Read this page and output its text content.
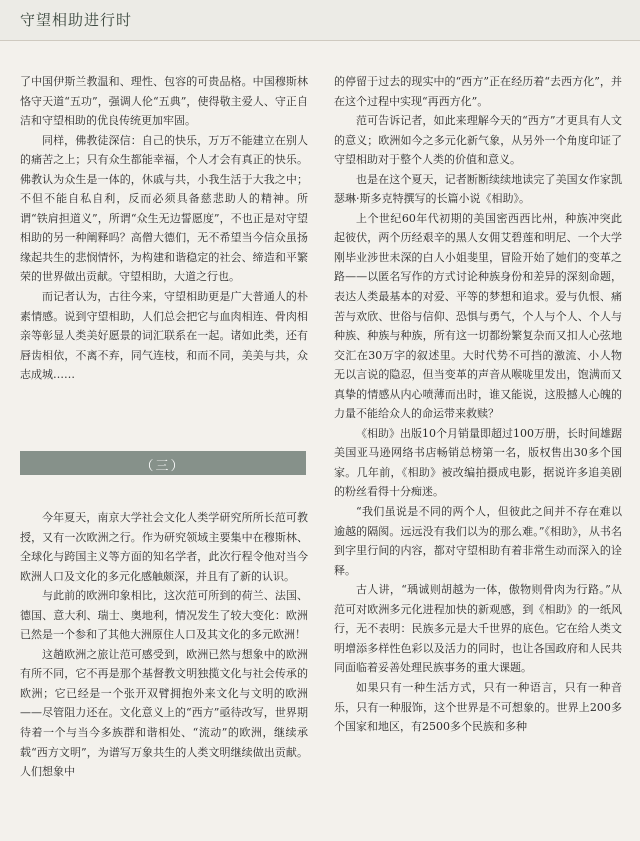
守望相助进行时

了中国伊斯兰教温和、理性、包容的可贵品格。中国穆斯林恪守天道“五功”，强调人伦“五典”，使得敬主爱人、守正自洁和守望相助的优良传统更加牢固。

同样，佛教徒深信：自己的快乐，万万不能建立在别人的痛苦之上；只有众生都能幸福，个人才会有真正的快乐。佛教认为众生是一体的，休戚与共，小我生活于大我之中；不但不能自私自利，反而必须具备慈悲助人的精神。所谓“铁肩担道义”，所谓“众生无边誓愿度”，不也正是对守望相助的另一种阐释吗？高僧大德们，无不希望当今信众虽扬缘起共生的悲悯情怀，为构建和谐稳定的社会、缔造和平繁荣的世界做出贡献。守望相助，大道之行也。

而记者认为，古往今来，守望相助更是广大普通人的朴素情感。说到守望相助，人们总会把它与血肉相连、骨肉相亲等彰显人类美好愿景的词汇联系在一起。诸如此类，还有唇齿相依，不离不弃，同气连枝，和而不同，美美与共，众志成城……

（三）

今年夏天，南京大学社会文化人类学研究所所长范可教授，又有一次欧洲之行。作为研究领域主要集中在穆斯林、全球化与跨国主义等方面的知名学者，此次行程令他对当今欧洲人口及文化的多元化感触颇深，并且有了新的认识。

与此前的欧洲印象相比，这次范可所到的荷兰、法国、德国、意大利、瑞士、奥地利，情况发生了较大变化：欧洲已然是一个参和了其他大洲原住人口及其文化的多元欧洲！

这趟欧洲之旅让范可感受到，欧洲已然与想象中的欧洲有所不同，它不再是那个基督教文明独揽文化与社会传承的欧洲；它已经是一个张开双臂拥抱外来文化与文明的欧洲——尽管阻力还在。文化意义上的“西方”亟待改写，世界期待着一个与当今多族群和谐相处、“流动”的欧洲，继续承载“西方文明”，为谱写万象共生的人类文明继续做出贡献。人们想象中

的停留于过去的现实中的“西方”正在经历着“去西方化”，并在这个过程中实现“再西方化”。

范可告诉记者，如此来理解今天的“西方”才更具有人文的意义；欧洲如今之多元化新气象，从另外一个角度印证了守望相助对于整个人类的价值和意义。

也是在这个夏天，记者断断续续地读完了美国女作家凯瑟琳·斯多克特撰写的长篇小说《相助》。

上个世纪60年代初期的美国密西西比州，种族冲突此起彼伏，两个历经艰辛的黑人女佣艾碧莲和明尼、一个大学刚毕业涉世未深的白人小姐斐里，冒险开始了她们的变革之路——以匿名写作的方式讨论种族身份和差异的深刻命题，表达人类最基本的对爱、平等的梦想和追求。爱与仇恨、痛苦与欢欣、世俗与信仰、恐惧与勇气，个人与个人、个人与种族、种族与种族，所有这一切都纷繁复杂而又扣人心弦地交汇在30万字的叙述里。大时代势不可挡的激流、小人物无以言说的隐忍，但当变革的声音从喉咙里发出，饱满而又真挚的情感从内心喷薄而出时，谁又能说，这股撼人心魄的力量不能给众人的命运带来救赎？

《相助》出版10个月销量即超过100万册，长时间雄踞美国亚马逊网络书店畅销总榜第一名，版权售出30多个国家。几年前，《相助》被改编拍摄成电影，据说许多追美剧的粉丝看得十分痴迷。

“我们虽说是不同的两个人，但彼此之间并不存在难以逾越的隔阂。远远没有我们以为的那么难。”《相助》，从书名到字里行间的内容，都对守望相助有着非常生动而深入的诠释。

古人讲，“瑀诚则胡越为一体，傲物则骨肉为行路。”从范可对欧洲多元化进程加快的新观感，到《相助》的一纸风行，无不表明：民族多元是大千世界的底色。它在给人类文明增添多样性色彩以及活力的同时，也让各国政府和人民共同面临着妥善处理民族事务的重大课题。

如果只有一种生活方式，只有一种语言，只有一种音乐，只有一种服饰，这个世界是不可想象的。世界上200多个国家和地区，有2500多个民族和多种
